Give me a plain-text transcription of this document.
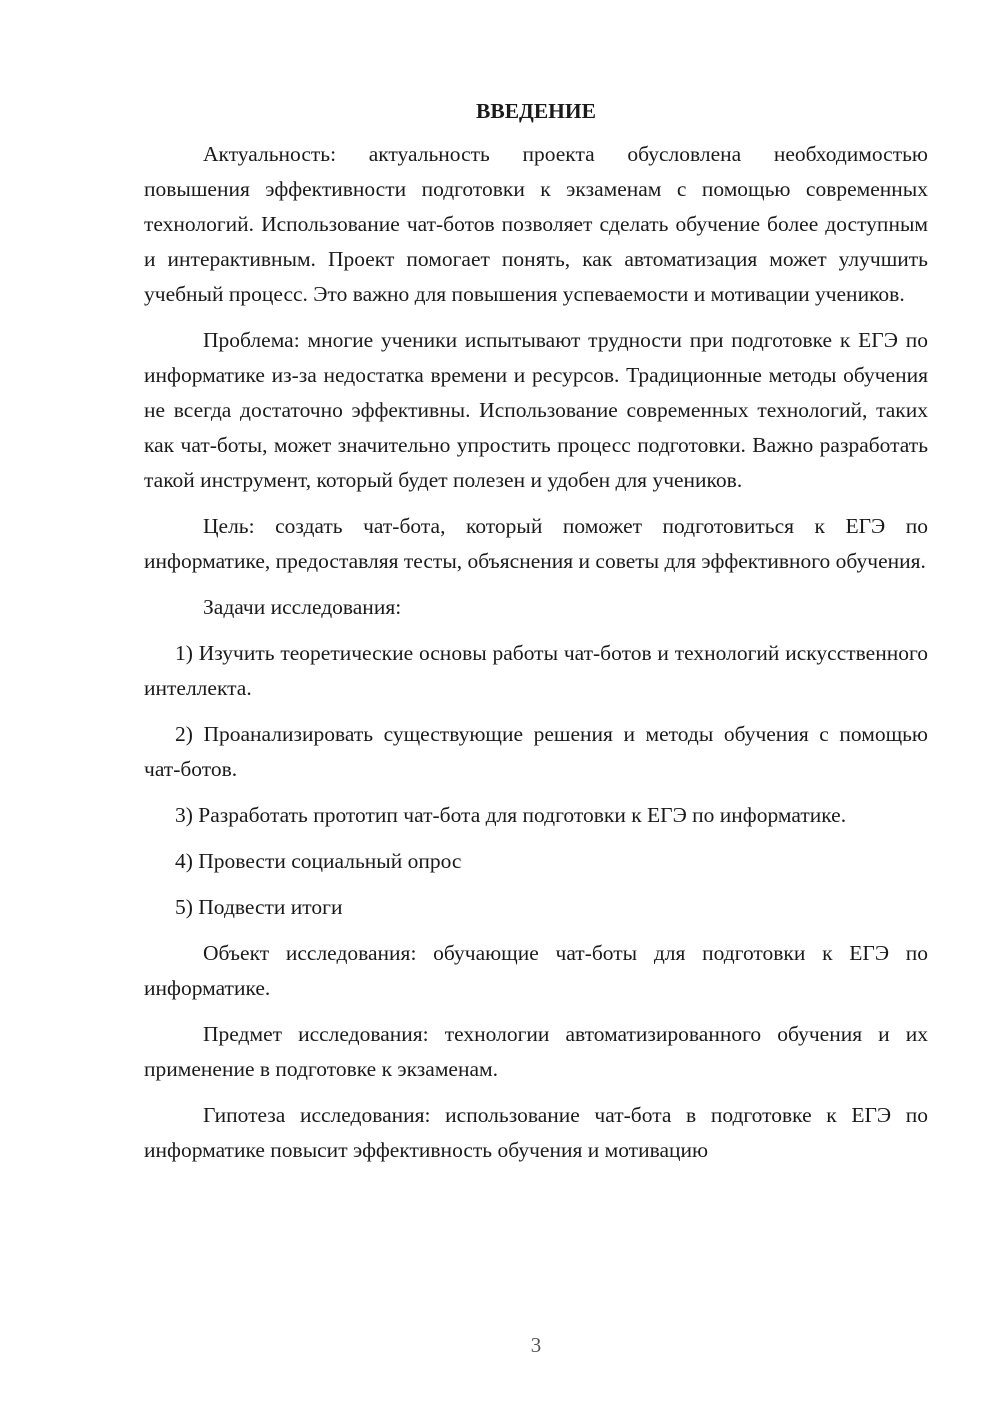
ВВЕДЕНИЕ

Актуальность: актуальность проекта обусловлена необходимостью повышения эффективности подготовки к экзаменам с помощью современных технологий. Использование чат-ботов позволяет сделать обучение более доступным и интерактивным. Проект помогает понять, как автоматизация может улучшить учебный процесс. Это важно для повышения успеваемости и мотивации учеников.

Проблема: многие ученики испытывают трудности при подготовке к ЕГЭ по информатике из-за недостатка времени и ресурсов. Традиционные методы обучения не всегда достаточно эффективны. Использование современных технологий, таких как чат-боты, может значительно упростить процесс подготовки. Важно разработать такой инструмент, который будет полезен и удобен для учеников.

Цель: создать чат-бота, который поможет подготовиться к ЕГЭ по информатике, предоставляя тесты, объяснения и советы для эффективного обучения.

Задачи исследования:

1) Изучить теоретические основы работы чат-ботов и технологий искусственного интеллекта.

2) Проанализировать существующие решения и методы обучения с помощью чат-ботов.

3) Разработать прототип чат-бота для подготовки к ЕГЭ по информатике.

4) Провести социальный опрос

5) Подвести итоги

Объект исследования: обучающие чат-боты для подготовки к ЕГЭ по информатике.

Предмет исследования: технологии автоматизированного обучения и их применение в подготовке к экзаменам.

Гипотеза исследования: использование чат-бота в подготовке к ЕГЭ по информатике повысит эффективность обучения и мотивацию

3
